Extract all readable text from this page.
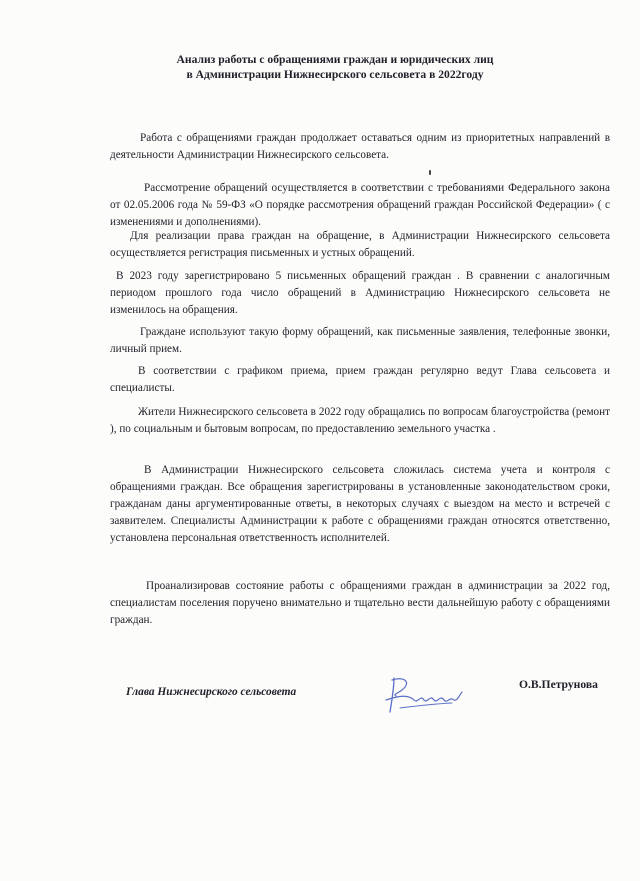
Анализ работы с обращениями граждан и юридических лиц
в Администрации Нижнесирского сельсовета в 2022году

Работа с обращениями граждан продолжает оставаться одним из приоритетных направлений в деятельности Администрации Нижнесирского сельсовета.

Рассмотрение обращений осуществляется в соответствии с требованиями Федерального закона от 02.05.2006 года № 59-ФЗ «О порядке рассмотрения обращений граждан Российской Федерации» ( с изменениями и дополнениями).

Для реализации права граждан на обращение, в Администрации Нижнесирского сельсовета осуществляется регистрация письменных и устных обращений.

В 2023 году зарегистрировано 5 письменных обращений граждан . В сравнении с аналогичным периодом прошлого года число обращений в Администрацию Нижнесирского сельсовета не изменилось на обращения.

Граждане используют такую форму обращений, как письменные заявления, телефонные звонки, личный прием.

В соответствии с графиком приема, прием граждан регулярно ведут Глава сельсовета и специалисты.

Жители Нижнесирского сельсовета в 2022 году обращались по вопросам благоустройства (ремонт ), по социальным и бытовым вопросам, по предоставлению земельного участка .

В Администрации Нижнесирского сельсовета сложилась система учета и контроля с обращениями граждан. Все обращения зарегистрированы в установленные законодательством сроки, гражданам даны аргументированные ответы, в некоторых случаях с выездом на место и встречей с заявителем. Специалисты Администрации к работе с обращениями граждан относятся ответственно, установлена персональная ответственность исполнителей.

Проанализировав состояние работы с обращениями граждан в администрации за 2022 год, специалистам поселения поручено внимательно и тщательно вести дальнейшую работу с обращениями граждан.

Глава Нижнесирского сельсовета
О.В.Петрунова
